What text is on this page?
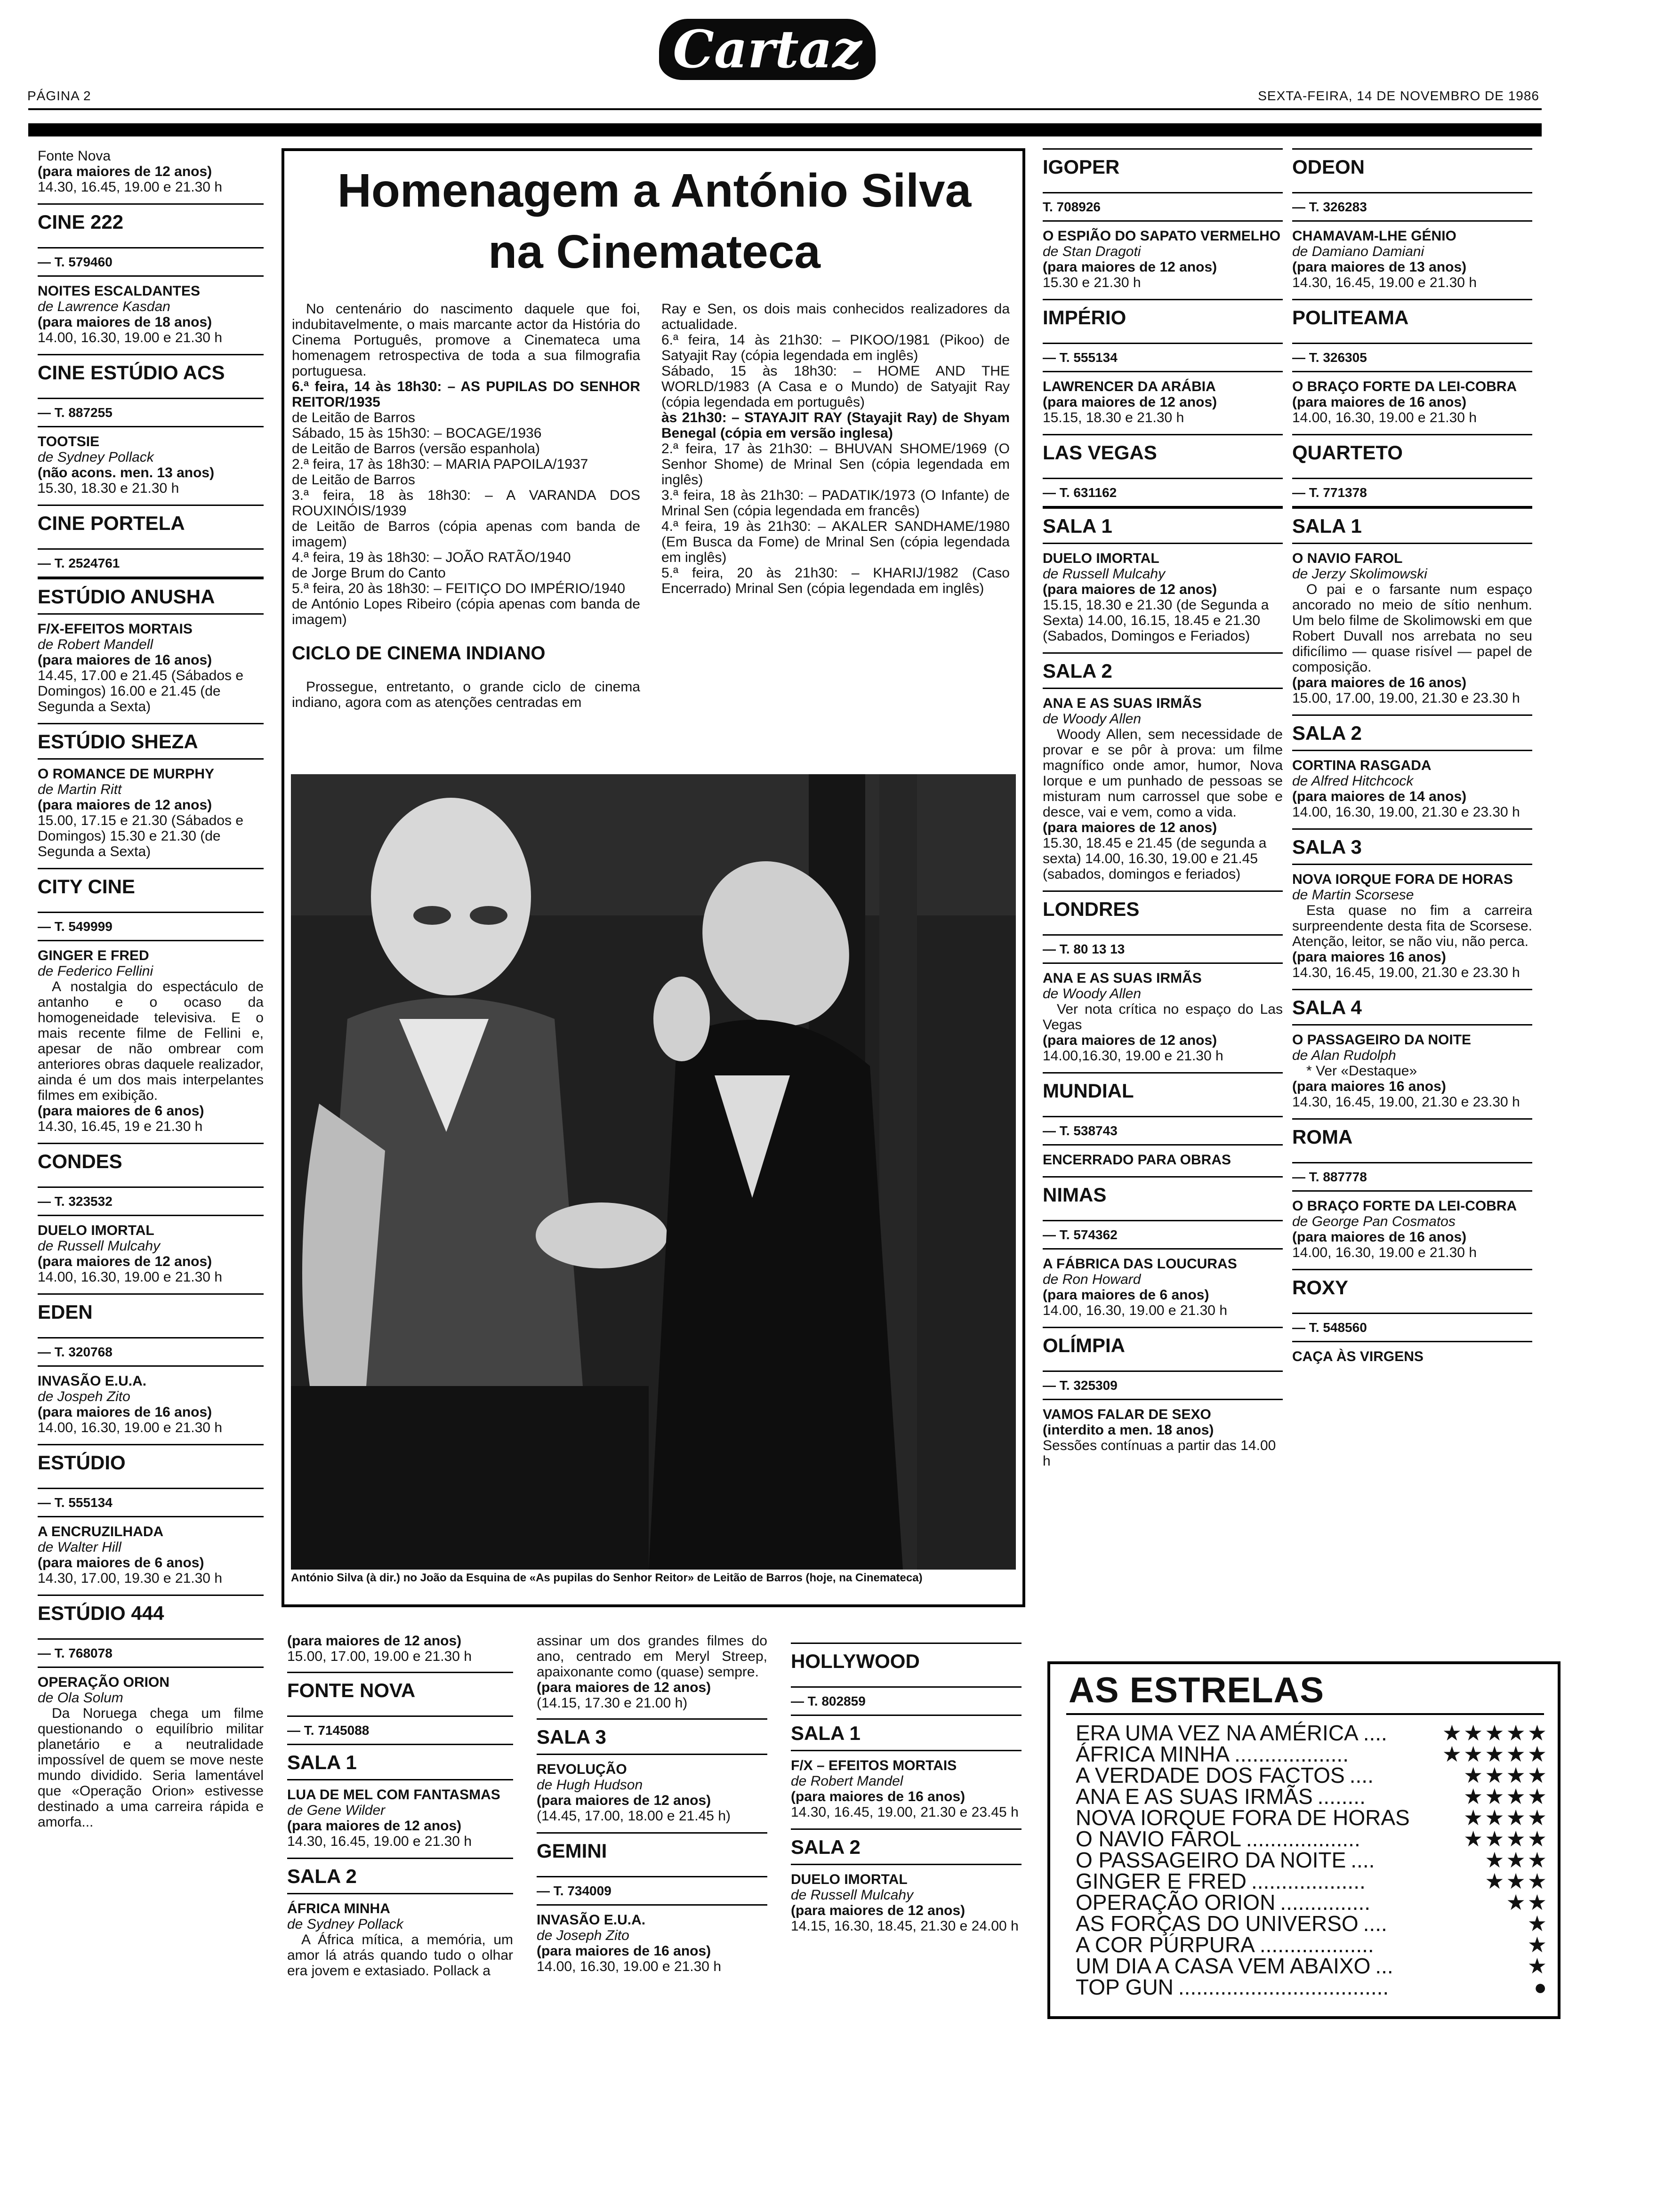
PÁGINA 2
Cartaz
SEXTA-FEIRA, 14 DE NOVEMBRO DE 1986
Fonte Nova
(para maiores de 12 anos)
14.30, 16.45, 19.00 e 21.30 h
CINE 222
— T. 579460
NOITES ESCALDANTES
de Lawrence Kasdan
(para maiores de 18 anos)
14.00, 16.30, 19.00 e 21.30 h
CINE ESTÚDIO ACS
— T. 887255
TOOTSIE
de Sydney Pollack
(não acons. men. 13 anos)
15.30, 18.30 e 21.30 h
CINE PORTELA
— T. 2524761
ESTÚDIO ANUSHA
F/X-EFEITOS MORTAIS
de Robert Mandell
(para maiores de 16 anos)
14.45, 17.00 e 21.45 (Sábados e Domingos) 16.00 e 21.45 (de Segunda a Sexta)
ESTÚDIO SHEZA
O ROMANCE DE MURPHY
de Martin Ritt
(para maiores de 12 anos)
15.00, 17.15 e 21.30 (Sábados e Domingos) 15.30 e 21.30 (de Segunda a Sexta)
CITY CINE
— T. 549999
GINGER E FRED
de Federico Fellini
A nostalgia do espectáculo de antanho e o ocaso da homogeneidade televisiva. E o mais recente filme de Fellini e, apesar de não ombrear com anteriores obras daquele realizador, ainda é um dos mais interpelantes filmes em exibição.
(para maiores de 6 anos)
14.30, 16.45, 19 e 21.30 h
CONDES
— T. 323532
DUELO IMORTAL
de Russell Mulcahy
(para maiores de 12 anos)
14.00, 16.30, 19.00 e 21.30 h
EDEN
— T. 320768
INVASÃO E.U.A.
de Jospeh Zito
(para maiores de 16 anos)
14.00, 16.30, 19.00 e 21.30 h
ESTÚDIO
— T. 555134
A ENCRUZILHADA
de Walter Hill
(para maiores de 6 anos)
14.30, 17.00, 19.30 e 21.30 h
ESTÚDIO 444
— T. 768078
OPERAÇÃO ORION
de Ola Solum
Da Noruega chega um filme questionando o equilíbrio militar planetário e a neutralidade impossível de quem se move neste mundo dividido. Seria lamentável que «Operação Orion» estivesse destinado a uma carreira rápida e amorfa...
Homenagem a António Silva
na Cinemateca
No centenário do nascimento daquele que foi, indubitavelmente, o mais marcante actor da História do Cinema Português, promove a Cinemateca uma homenagem retrospectiva de toda a sua filmografia portuguesa.
6.ª feira, 14 às 18h30: – AS PUPILAS DO SENHOR REITOR/1935
de Leitão de Barros
Sábado, 15 às 15h30: – BOCAGE/1936
de Leitão de Barros (versão espanhola)
2.ª feira, 17 às 18h30: – MARIA PAPOILA/1937
de Leitão de Barros
3.ª feira, 18 às 18h30: – A VARANDA DOS ROUXINÓIS/1939
de Leitão de Barros (cópia apenas com banda de imagem)
4.ª feira, 19 às 18h30: – JOÃO RATÃO/1940
de Jorge Brum do Canto
5.ª feira, 20 às 18h30: – FEITIÇO DO IMPÉRIO/1940
de António Lopes Ribeiro (cópia apenas com banda de imagem)
CICLO DE CINEMA INDIANO
Prossegue, entretanto, o grande ciclo de cinema indiano, agora com as atenções centradas em
Ray e Sen, os dois mais conhecidos realizadores da actualidade.
6.ª feira, 14 às 21h30: – PIKOO/1981 (Pikoo) de Satyajit Ray (cópia legendada em inglês)
Sábado, 15 às 18h30: – HOME AND THE WORLD/1983 (A Casa e o Mundo) de Satyajit Ray (cópia legendada em português)
às 21h30: – STAYAJIT RAY (Stayajit Ray) de Shyam Benegal (cópia em versão inglesa)
2.ª feira, 17 às 21h30: – BHUVAN SHOME/1969 (O Senhor Shome) de Mrinal Sen (cópia legendada em inglês)
3.ª feira, 18 às 21h30: – PADATIK/1973 (O Infante) de Mrinal Sen (cópia legendada em francês)
4.ª feira, 19 às 21h30: – AKALER SANDHAME/1980 (Em Busca da Fome) de Mrinal Sen (cópia legendada em inglês)
5.ª feira, 20 às 21h30: – KHARIJ/1982 (Caso Encerrado) Mrinal Sen (cópia legendada em inglês)
António Silva (à dir.) no João da Esquina de «As pupilas do Senhor Reitor» de Leitão de Barros (hoje, na Cinemateca)
(para maiores de 12 anos)
15.00, 17.00, 19.00 e 21.30 h
FONTE NOVA
— T. 7145088
SALA 1
LUA DE MEL COM FANTASMAS
de Gene Wilder
(para maiores de 12 anos)
14.30, 16.45, 19.00 e 21.30 h
SALA 2
ÁFRICA MINHA
de Sydney Pollack
A África mítica, a memória, um amor lá atrás quando tudo o olhar era jovem e extasiado. Pollack a
assinar um dos grandes filmes do ano, centrado em Meryl Streep, apaixonante como (quase) sempre.
(para maiores de 12 anos)
(14.15, 17.30 e 21.00 h)
SALA 3
REVOLUÇÃO
de Hugh Hudson
(para maiores de 12 anos)
(14.45, 17.00, 18.00 e 21.45 h)
GEMINI
— T. 734009
INVASÃO E.U.A.
de Joseph Zito
(para maiores de 16 anos)
14.00, 16.30, 19.00 e 21.30 h
HOLLYWOOD
— T. 802859
SALA 1
F/X – EFEITOS MORTAIS
de Robert Mandel
(para maiores de 16 anos)
14.30, 16.45, 19.00, 21.30 e 23.45 h
SALA 2
DUELO IMORTAL
de Russell Mulcahy
(para maiores de 12 anos)
14.15, 16.30, 18.45, 21.30 e 24.00 h
IGOPER
T. 708926
O ESPIÃO DO SAPATO VERMELHO
de Stan Dragoti
(para maiores de 12 anos)
15.30 e 21.30 h
IMPÉRIO
— T. 555134
LAWRENCER DA ARÁBIA
(para maiores de 12 anos)
15.15, 18.30 e 21.30 h
LAS VEGAS
— T. 631162
SALA 1
DUELO IMORTAL
de Russell Mulcahy
(para maiores de 12 anos)
15.15, 18.30 e 21.30 (de Segunda a Sexta) 14.00, 16.15, 18.45 e 21.30 (Sabados, Domingos e Feriados)
SALA 2
ANA E AS SUAS IRMÃS
de Woody Allen
Woody Allen, sem necessidade de provar e se pôr à prova: um filme magnífico onde amor, humor, Nova Iorque e um punhado de pessoas se misturam num carrossel que sobe e desce, vai e vem, como a vida.
(para maiores de 12 anos)
15.30, 18.45 e 21.45 (de segunda a sexta) 14.00, 16.30, 19.00 e 21.45 (sabados, domingos e feriados)
LONDRES
— T. 80 13 13
ANA E AS SUAS IRMÃS
de Woody Allen
Ver nota crítica no espaço do Las Vegas
(para maiores de 12 anos)
14.00,16.30, 19.00 e 21.30 h
MUNDIAL
— T. 538743
ENCERRADO PARA OBRAS
NIMAS
— T. 574362
A FÁBRICA DAS LOUCURAS
de Ron Howard
(para maiores de 6 anos)
14.00, 16.30, 19.00 e 21.30 h
OLÍMPIA
— T. 325309
VAMOS FALAR DE SEXO
(interdito a men. 18 anos)
Sessões contínuas a partir das 14.00 h
ODEON
— T. 326283
CHAMAVAM-LHE GÉNIO
de Damiano Damiani
(para maiores de 13 anos)
14.30, 16.45, 19.00 e 21.30 h
POLITEAMA
— T. 326305
O BRAÇO FORTE DA LEI-COBRA
(para maiores de 16 anos)
14.00, 16.30, 19.00 e 21.30 h
QUARTETO
— T. 771378
SALA 1
O NAVIO FAROL
de Jerzy Skolimowski
O pai e o farsante num espaço ancorado no meio de sítio nenhum. Um belo filme de Skolimowski em que Robert Duvall nos arrebata no seu dificílimo — quase risível — papel de composição.
(para maiores de 16 anos)
15.00, 17.00, 19.00, 21.30 e 23.30 h
SALA 2
CORTINA RASGADA
de Alfred Hitchcock
(para maiores de 14 anos)
14.00, 16.30, 19.00, 21.30 e 23.30 h
SALA 3
NOVA IORQUE FORA DE HORAS
de Martin Scorsese
Esta quase no fim a carreira surpreendente desta fita de Scorsese. Atenção, leitor, se não viu, não perca.
(para maiores 16 anos)
14.30, 16.45, 19.00, 21.30 e 23.30 h
SALA 4
O PASSAGEIRO DA NOITE
de Alan Rudolph
* Ver «Destaque»
(para maiores 16 anos)
14.30, 16.45, 19.00, 21.30 e 23.30 h
ROMA
— T. 887778
O BRAÇO FORTE DA LEI-COBRA
de George Pan Cosmatos
(para maiores de 16 anos)
14.00, 16.30, 19.00 e 21.30 h
ROXY
— T. 548560
CAÇA ÀS VIRGENS
AS ESTRELAS
ERA UMA VEZ NA AMÉRICA ....	★★★★★
ÁFRICA MINHA ...................	★★★★★
A VERDADE DOS FACTOS ....	★★★★
ANA E AS SUAS IRMÃS ........	★★★★
NOVA IORQUE FORA DE HORAS ★★★★
O NAVIO FAROL ...................	★★★★
O PASSAGEIRO DA NOITE ....	★★★
GINGER E FRED ...................	★★★
OPERAÇÃO ORION ...............	★★
AS FORÇAS DO UNIVERSO ....	★
A COR PÚRPURA ...................	★
UM DIA A CASA VEM ABAIXO ...	★
TOP GUN ...................................	●
